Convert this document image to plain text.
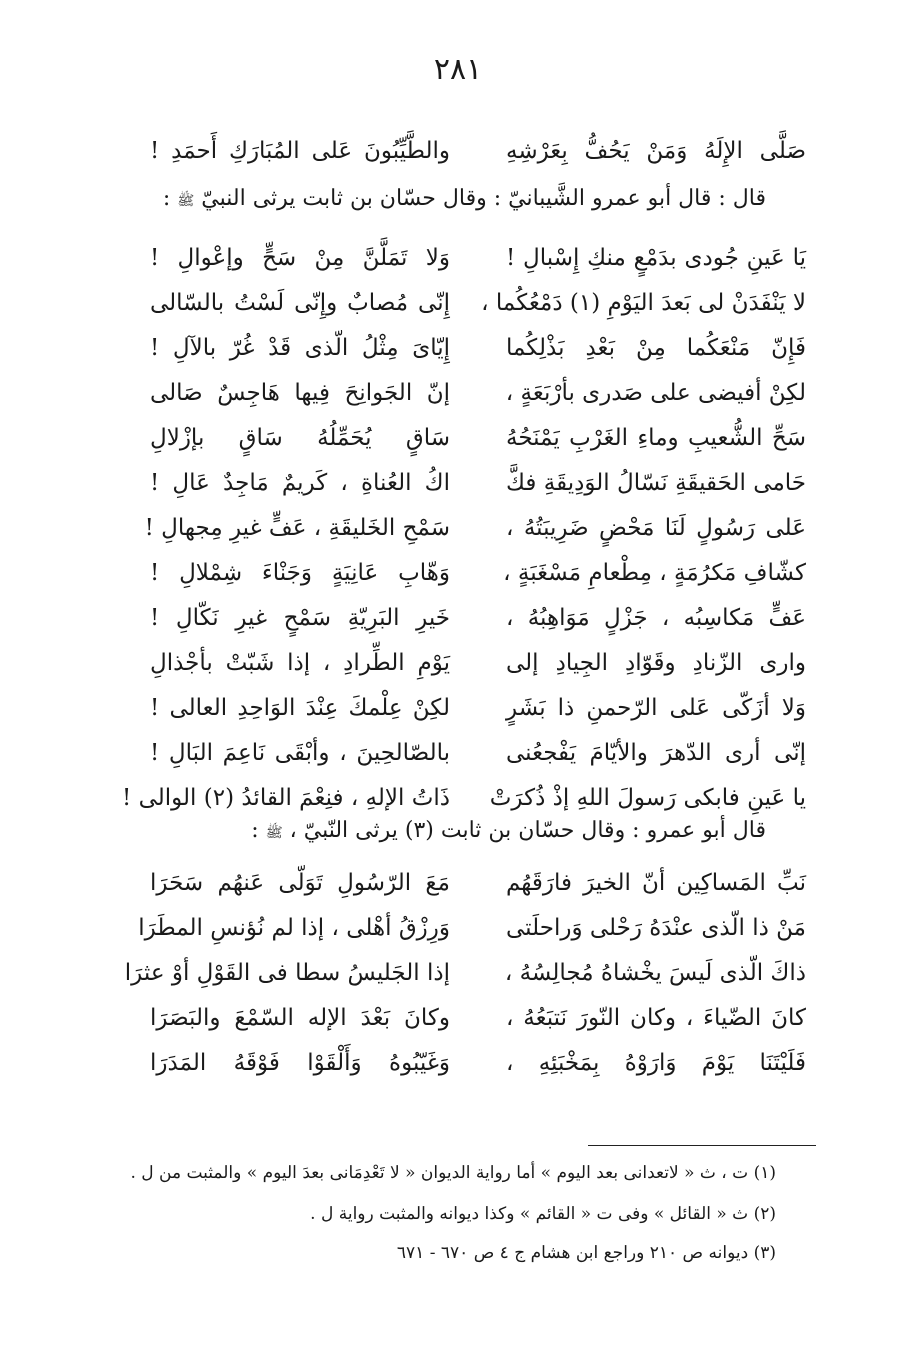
٢٨١
صَلَّى الإِلَهُ وَمَنْ يَحُفُّ بِعَرْشِهِ
والطَّيِّبُونَ عَلى المُبَارَكِ أَحمَدِ !
قال : قال أبو عمرو الشَّيبانيّ : وقال حسّان بن ثابت يرثى النبيّ ﷺ :
يَا عَينِ جُودى بدَمْعٍ منكِ إِسْبالِ !
وَلا تَمَلَّنَّ مِنْ سَحٍّ وإعْوالِ !
لا يَنْفَدَنْ لى بَعدَ اليَوْمِ (١) دَمْعُكُما ،
إِنّى مُصابٌ وإِنّى لَسْتُ بالسّالى
فَإِنّ مَنْعَكُما مِنْ بَعْدِ بَذْلِكُما
إِيّاىَ مِثْلُ الّذى قَدْ غُرّ بالآلِ !
لكِنْ أفيضى على صَدرى بأرْبَعَةٍ ،
إنّ الجَوانِحَ فِيها هَاجِسٌ صَالى
سَحِّ الشُّعيبِ وماءِ الغَرْبِ يَمْنَحُهُ
سَاقٍ يُحَمِّلُهُ سَاقٍ بإزْلالِ
حَامى الحَقيقَةِ نَسّالُ الوَدِيقَةِ فكَّ
اكُ العُناةِ ، كَريمٌ مَاجِدٌ عَالِ !
عَلى رَسُولٍ لَنَا مَحْضٍ ضَرِيبَتُهُ ،
سَمْحِ الخَليقَةِ ، عَفٍّ غيرِ مِجهالِ !
كشّافِ مَكرُمَةٍ ، مِطْعامِ مَسْغَبَةٍ ،
وَهّابِ عَانِيَةٍ وَجَنْاءَ شِمْلالِ !
عَفٍّ مَكاسِبُه ، جَزْلٍ مَوَاهِبُهُ ،
خَيرِ البَرِيّةِ سَمْحٍ غيرِ نَكّالِ !
وارى الزّنادِ وقَوّادِ الجِيادِ إلى
يَوْمِ الطِّرادِ ، إذا شَبّتْ بأجْذالِ
وَلا أزَكّى عَلى الرّحمنِ ذا بَشَرٍ
لكِنْ عِلْمكَ عِنْدَ الوَاحِدِ العالى !
إنّى أرى الدّهرَ والأيّامَ يَفْجعُنى
بالصّالحِينَ ، وأبْقَى نَاعِمَ البَالِ !
يا عَينِ فابكى رَسولَ اللهِ إذْ ذُكرَتْ
ذَاتُ الإلهِ ، فنِعْمَ القائدُ (٢) الوالى !
قال أبو عمرو : وقال حسّان بن ثابت (٣) يرثى النّبيّ ، ﷺ :
نَبِّ المَساكِين أنّ الخيرَ فارَقَهُم
مَعَ الرّسُولِ تَوَلّى عَنهُم سَحَرَا
مَنْ ذا الّذى عنْدَهُ رَحْلى وَراحلَتى
وَرِزْقُ أهْلى ، إذا لم نُؤنسِ المطَرَا
ذاكَ الّذى لَيسَ يخْشاهُ مُجالِسُهُ ،
إذا الجَليسُ سطا فى القَوْلِ أوْ عثرَا
كانَ الضّياءَ ، وكان النّورَ نَتبَعُهُ ،
وكانَ بَعْدَ الإله السّمْعَ والبَصَرَا
فَلَيْتَنَا يَوْمَ وَارَوْهُ بِمَخْبَئِهِ ،
وَغَيّبُوهُ وَأَلْقَوْا فَوْقَهُ المَدَرَا
(١) ت ، ث « لاتعدانى بعد اليوم » أما رواية الديوان « لا تَعْدِمَانى بعدَ اليوم » والمثبت من ل .
(٢) ث « القائل » وفى ت « القائم » وكذا ديوانه والمثبت رواية ل .
(٣) ديوانه ص ٢١٠ وراجع ابن هشام ج ٤ ص ٦٧٠ - ٦٧١
